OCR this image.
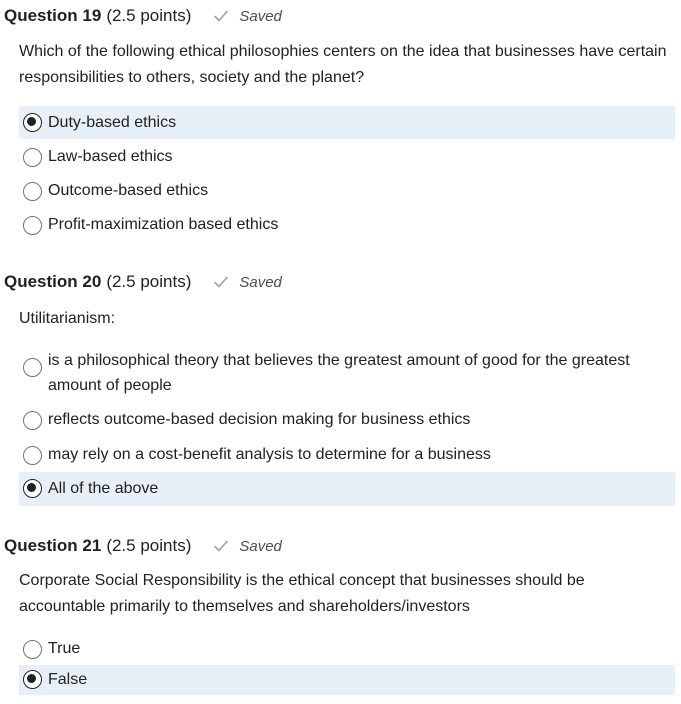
Question 19 (2.5 points)	Saved
Which of the following ethical philosophies centers on the idea that businesses have certain responsibilities to others, society and the planet?
Duty-based ethics
Law-based ethics
Outcome-based ethics
Profit-maximization based ethics
Question 20 (2.5 points)	Saved
Utilitarianism:
is a philosophical theory that believes the greatest amount of good for the greatest amount of people
reflects outcome-based decision making for business ethics
may rely on a cost-benefit analysis to determine for a business
All of the above
Question 21 (2.5 points)	Saved
Corporate Social Responsibility is the ethical concept that businesses should be accountable primarily to themselves and shareholders/investors
True
False
